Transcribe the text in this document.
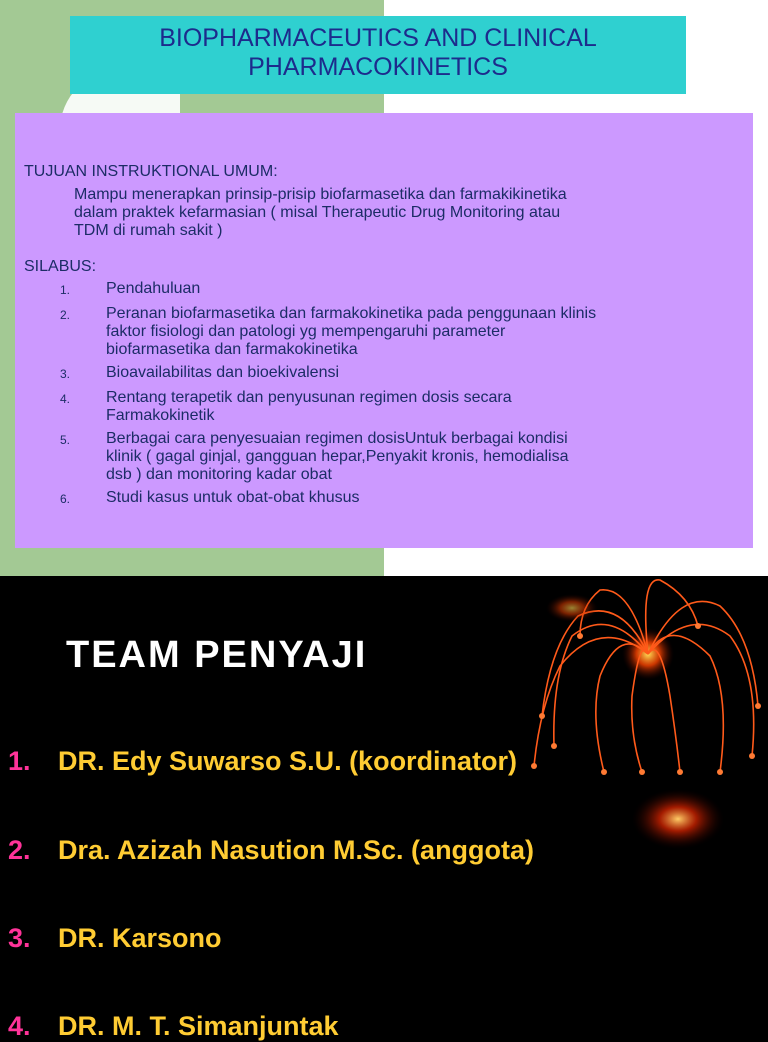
BIOPHARMACEUTICS AND CLINICAL
PHARMACOKINETICS

TUJUAN INSTRUKTIONAL UMUM:

Mampu menerapkan prinsip-prisip biofarmasetika dan farmakikinetika
dalam praktek kefarmasian ( misal Therapeutic Drug Monitoring atau
TDM di rumah sakit )

SILABUS:

1.	Pendahuluan
2.	Peranan biofarmasetika dan farmakokinetika pada penggunaan klinis
faktor fisiologi dan patologi yg mempengaruhi parameter
biofarmasetika dan farmakokinetika
3.	Bioavailabilitas dan bioekivalensi
4.	Rentang terapetik dan penyusunan regimen dosis secara
Farmakokinetik
5.	Berbagai cara penyesuaian regimen dosisUntuk berbagai kondisi
klinik ( gagal ginjal, gangguan hepar,Penyakit kronis, hemodialisa
dsb ) dan monitoring kadar obat
6.	Studi kasus untuk obat-obat khusus
TEAM PENYAJI
1. DR. Edy Suwarso S.U. (koordinator)
2. Dra. Azizah Nasution M.Sc. (anggota)
3. DR. Karsono
4. DR. M. T. Simanjuntak
